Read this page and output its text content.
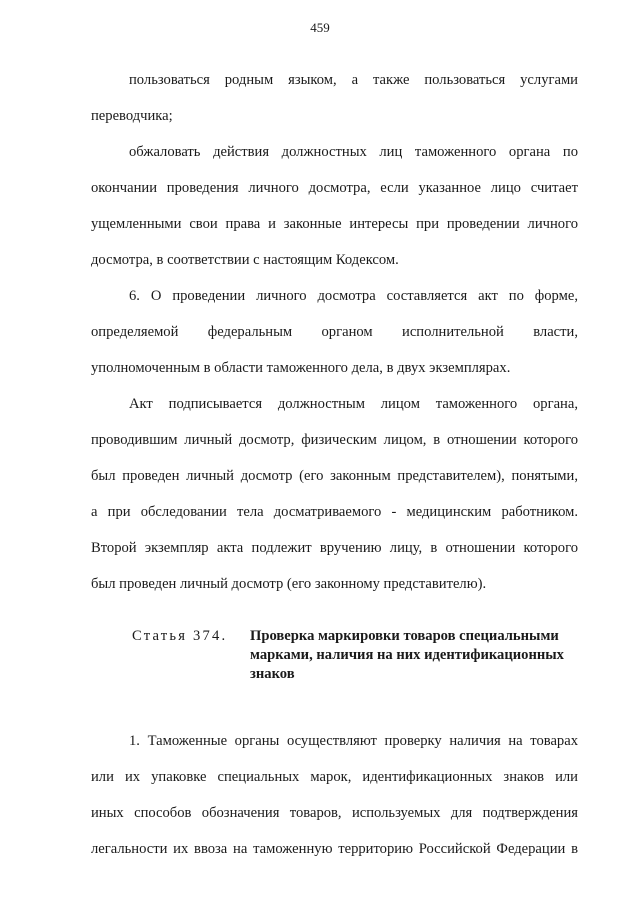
459

пользоваться родным языком, а также пользоваться услугами
переводчика;

обжаловать действия должностных лиц таможенного органа по
окончании проведения личного досмотра, если указанное лицо считает
ущемленными свои права и законные интересы при проведении личного
досмотра, в соответствии с настоящим Кодексом.

6. О проведении личного досмотра составляется акт по форме,
определяемой федеральным органом исполнительной власти,
уполномоченным в области таможенного дела, в двух экземплярах.

Акт подписывается должностным лицом таможенного органа,
проводившим личный досмотр, физическим лицом, в отношении которого
был проведен личный досмотр (его законным представителем), понятыми,
а при обследовании тела досматриваемого - медицинским работником.
Второй экземпляр акта подлежит вручению лицу, в отношении которого
был проведен личный досмотр (его законному представителю).

Статья 374. Проверка маркировки товаров специальными
марками, наличия на них идентификационных
знаков

1. Таможенные органы осуществляют проверку наличия на товарах
или их упаковке специальных марок, идентификационных знаков или
иных способов обозначения товаров, используемых для подтверждения
легальности их ввоза на таможенную территорию Российской Федерации в
